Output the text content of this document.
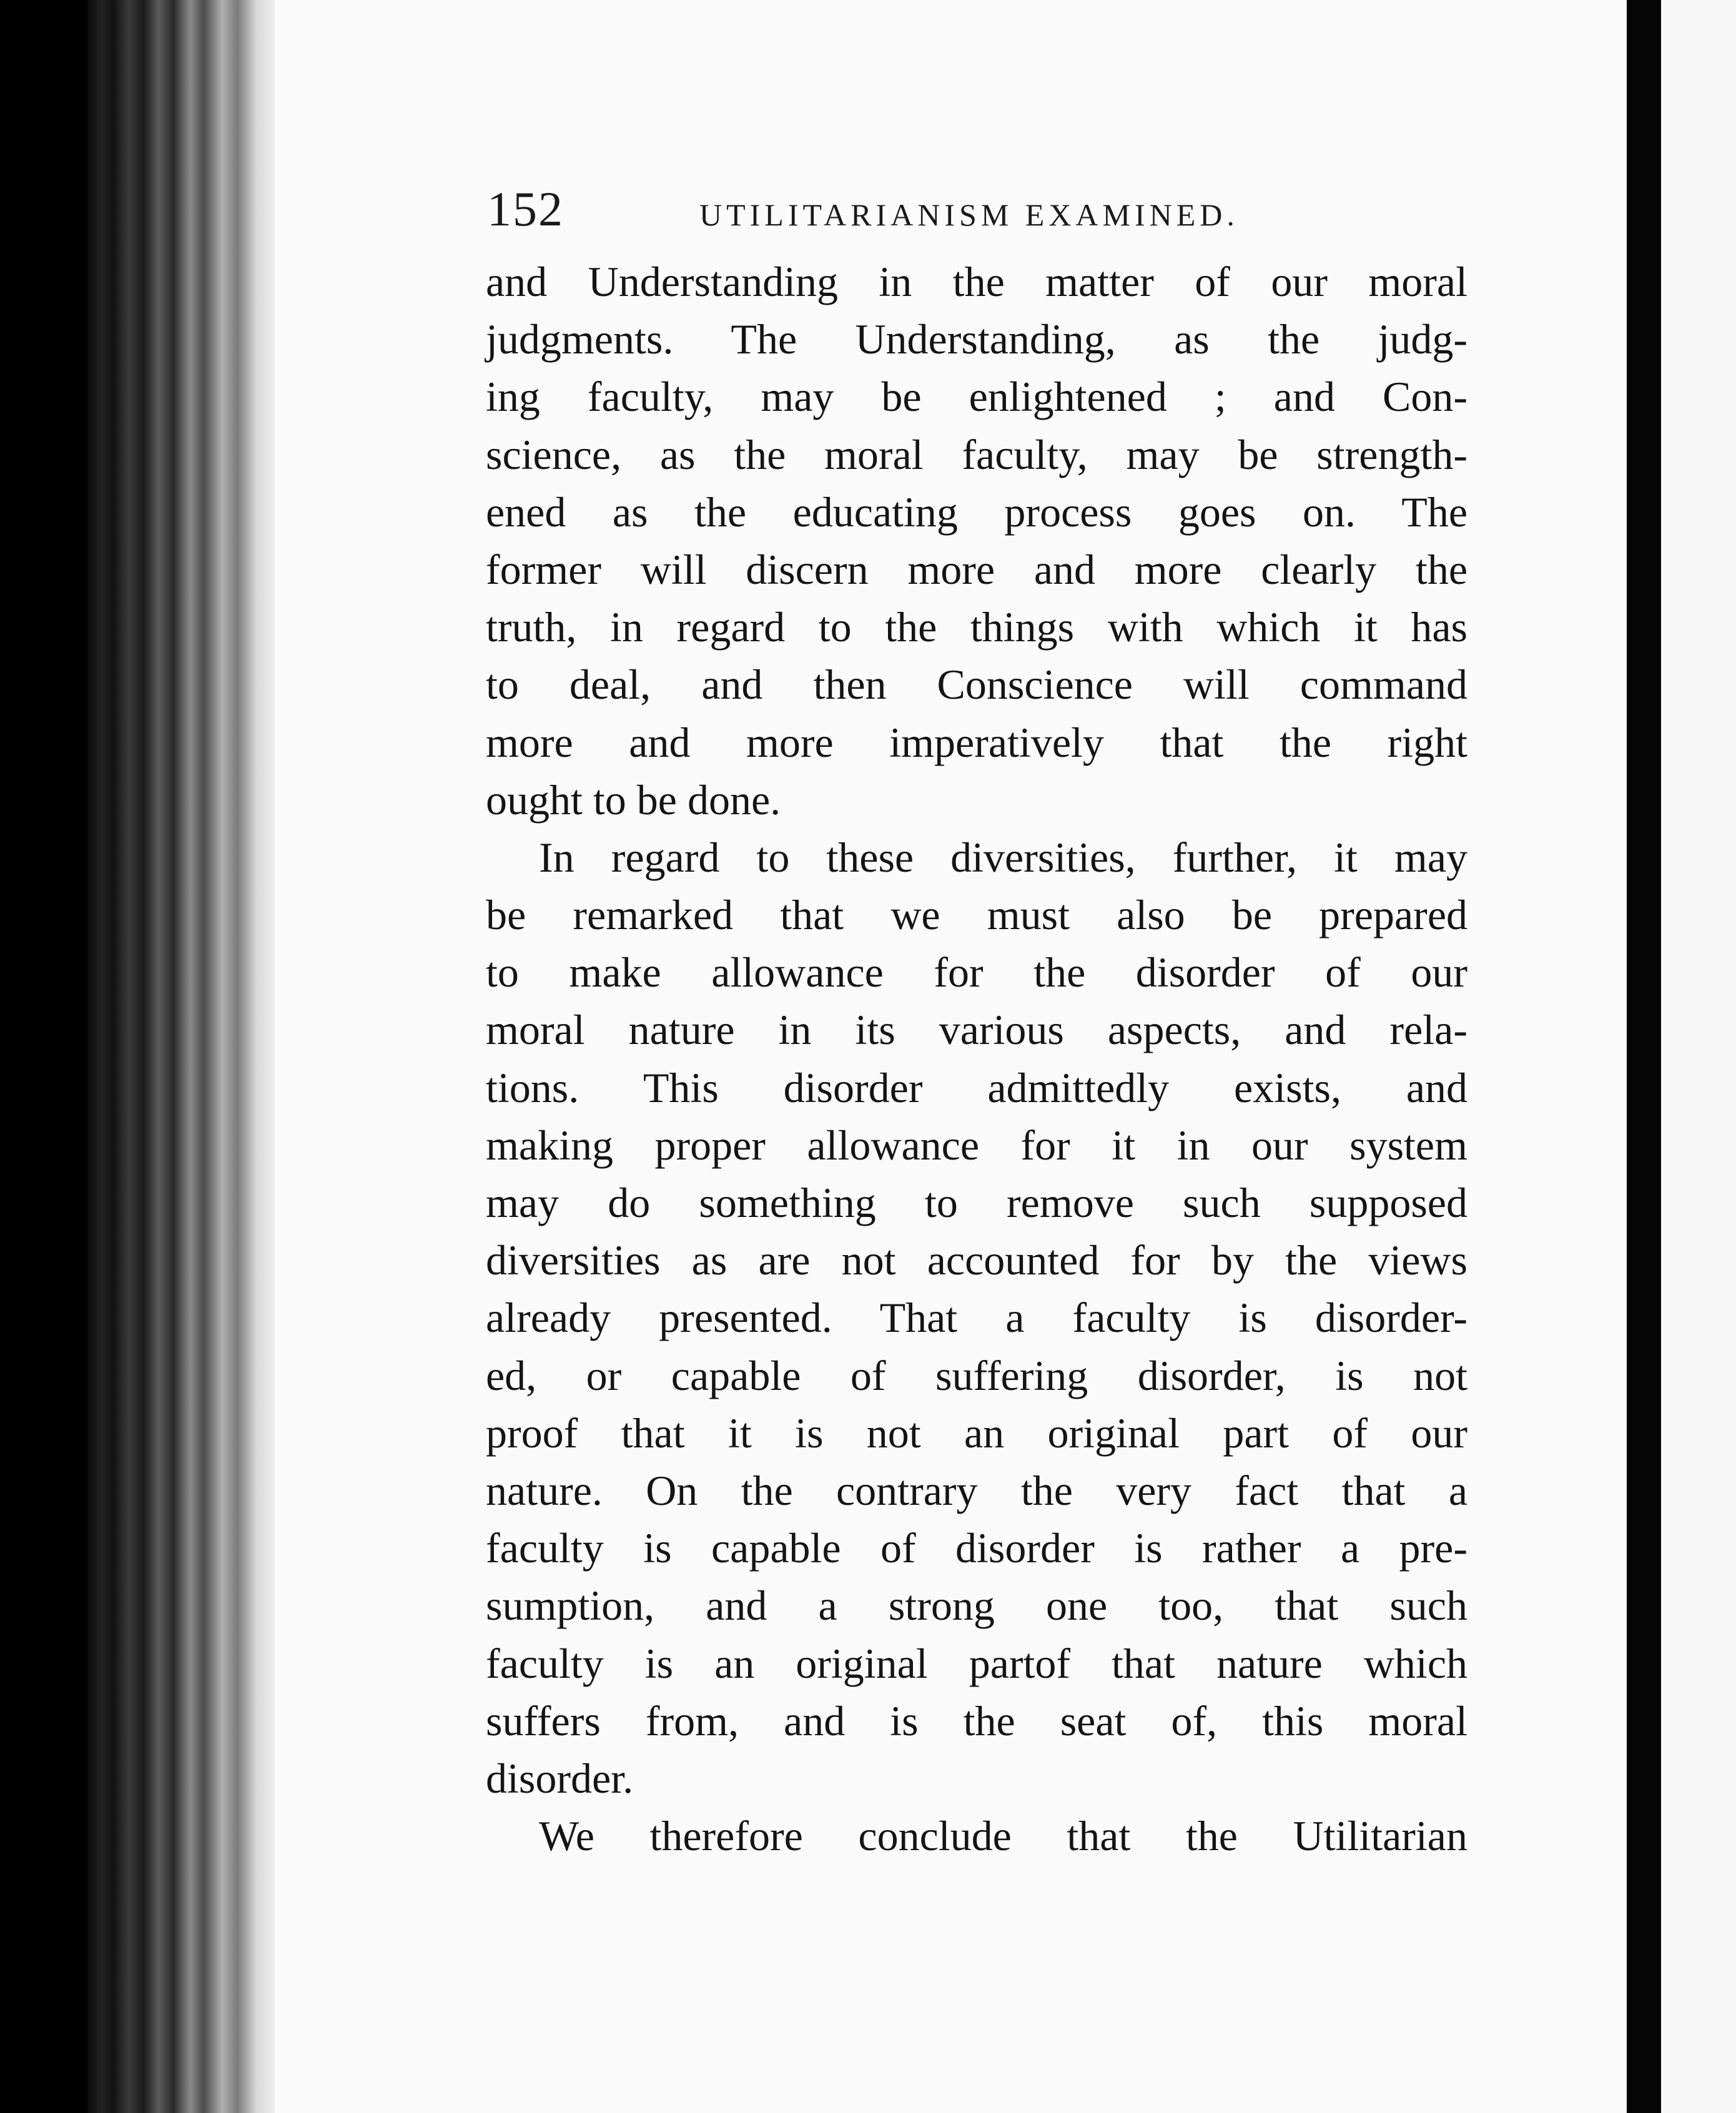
152	UTILITARIANISM EXAMINED.
and Understanding in the matter of our moral
judgments. The Understanding, as the judg-
ing faculty, may be enlightened ; and Con-
science, as the moral faculty, may be strength-
ened as the educating process goes on. The
former will discern more and more clearly the
truth, in regard to the things with which it has
to deal, and then Conscience will command
more and more imperatively that the right
ought to be done.
In regard to these diversities, further, it may
be remarked that we must also be prepared
to make allowance for the disorder of our
moral nature in its various aspects, and rela-
tions. This disorder admittedly exists, and
making proper allowance for it in our system
may do something to remove such supposed
diversities as are not accounted for by the views
already presented. That a faculty is disorder-
ed, or capable of suffering disorder, is not
proof that it is not an original part of our
nature. On the contrary the very fact that a
faculty is capable of disorder is rather a pre-
sumption, and a strong one too, that such
faculty is an original partof that nature which
suffers from, and is the seat of, this moral
disorder.
We therefore conclude that the Utilitarian
